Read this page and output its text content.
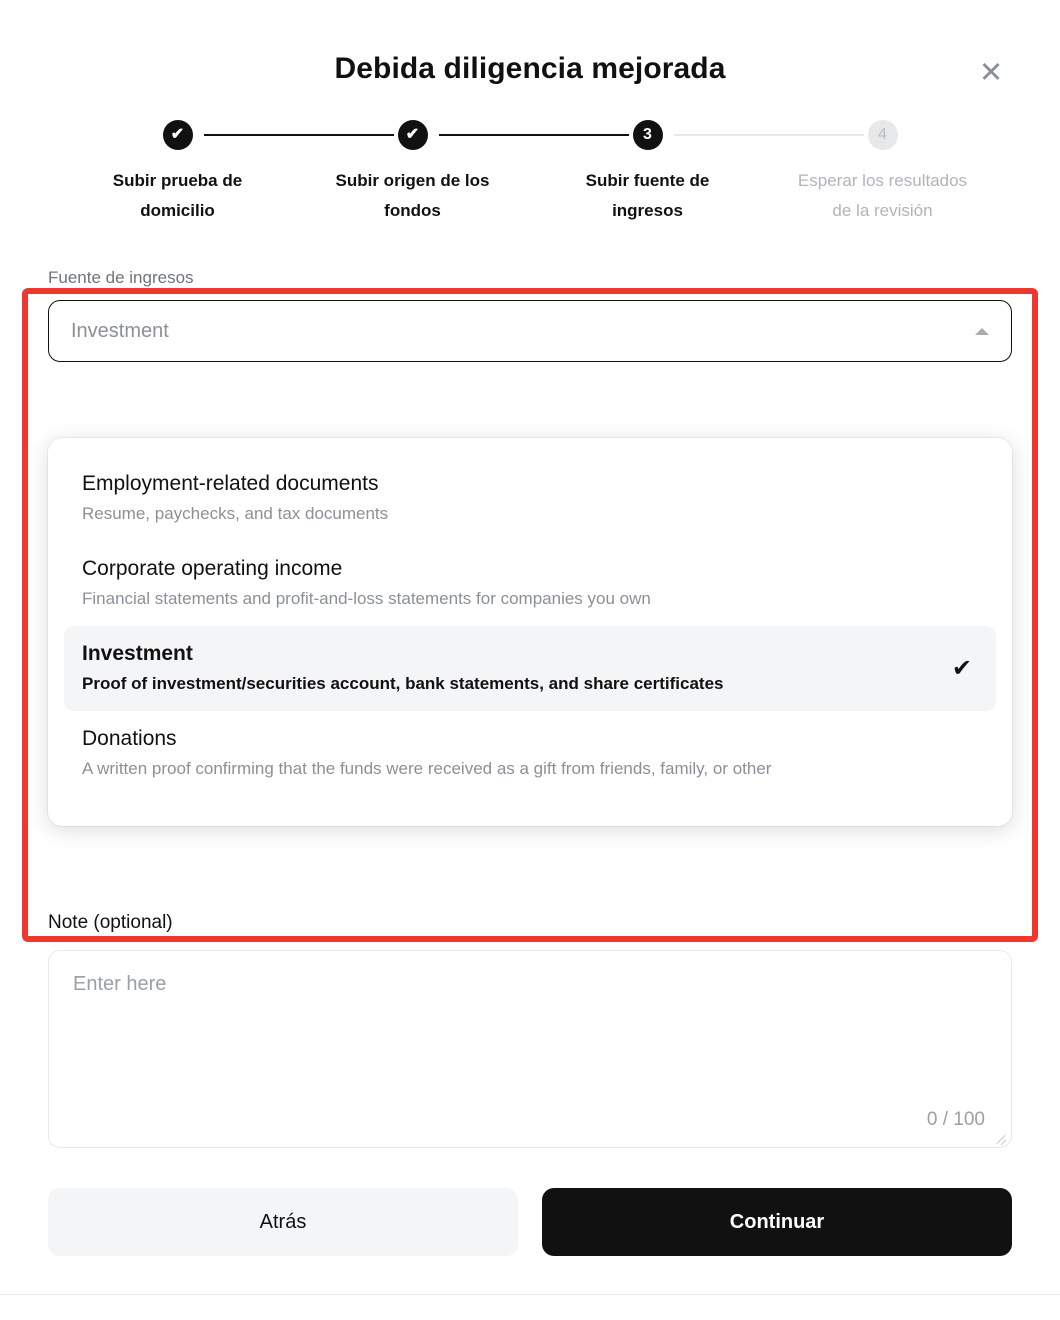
Debida diligencia mejorada	✕
✔
Subir prueba de domicilio
✔
Subir origen de los fondos
3
Subir fuente de ingresos
4
Esperar los resultados de la revisión
Fuente de ingresos
Investment
Employment-related documents
Resume, paychecks, and tax documents
Corporate operating income
Financial statements and profit-and-loss statements for companies you own
Investment
Proof of investment/securities account, bank statements, and share certificates
✔
Donations
A written proof confirming that the funds were received as a gift from friends, family, or other
Note (optional)
Enter here
0 / 100
Atrás	Continuar
